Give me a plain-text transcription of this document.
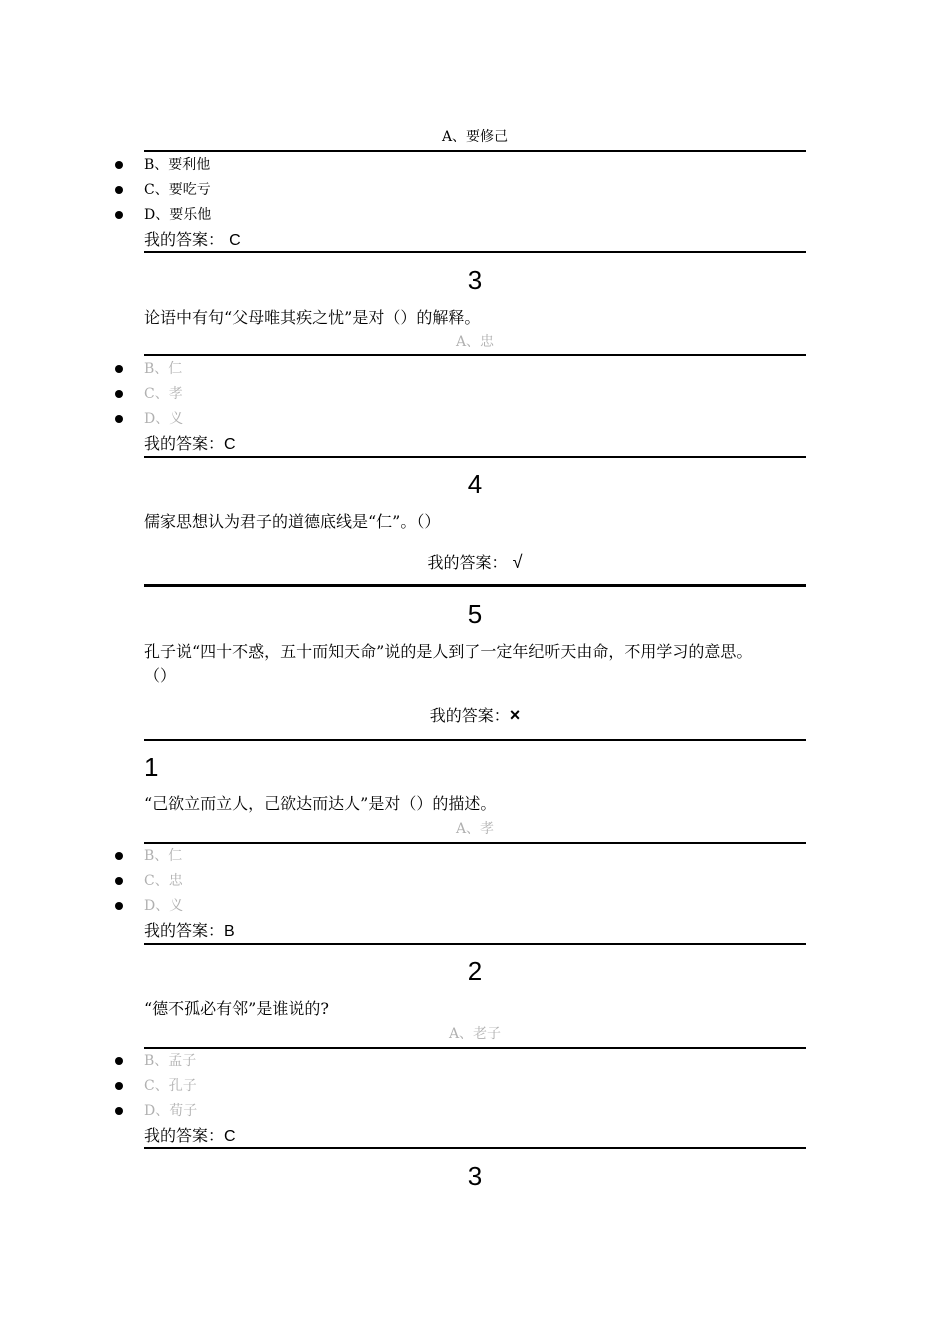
A、要修己
B、要利他
C、要吃亏
D、要乐他
我的答案： C
3
论语中有句“父母唯其疾之忧”是对（）的解释。
A、忠
B、仁
C、孝
D、义
我的答案：C
4
儒家思想认为君子的道德底线是“仁”。（）
我的答案： √
5
孔子说“四十不惑，五十而知天命”说的是人到了一定年纪听天由命，不用学习的意思。
（）
我的答案：×
1
“己欲立而立人，己欲达而达人”是对（）的描述。
A、孝
B、仁
C、忠
D、义
我的答案：B
2
“德不孤必有邻”是谁说的?
A、老子
B、孟子
C、孔子
D、荀子
我的答案：C
3
